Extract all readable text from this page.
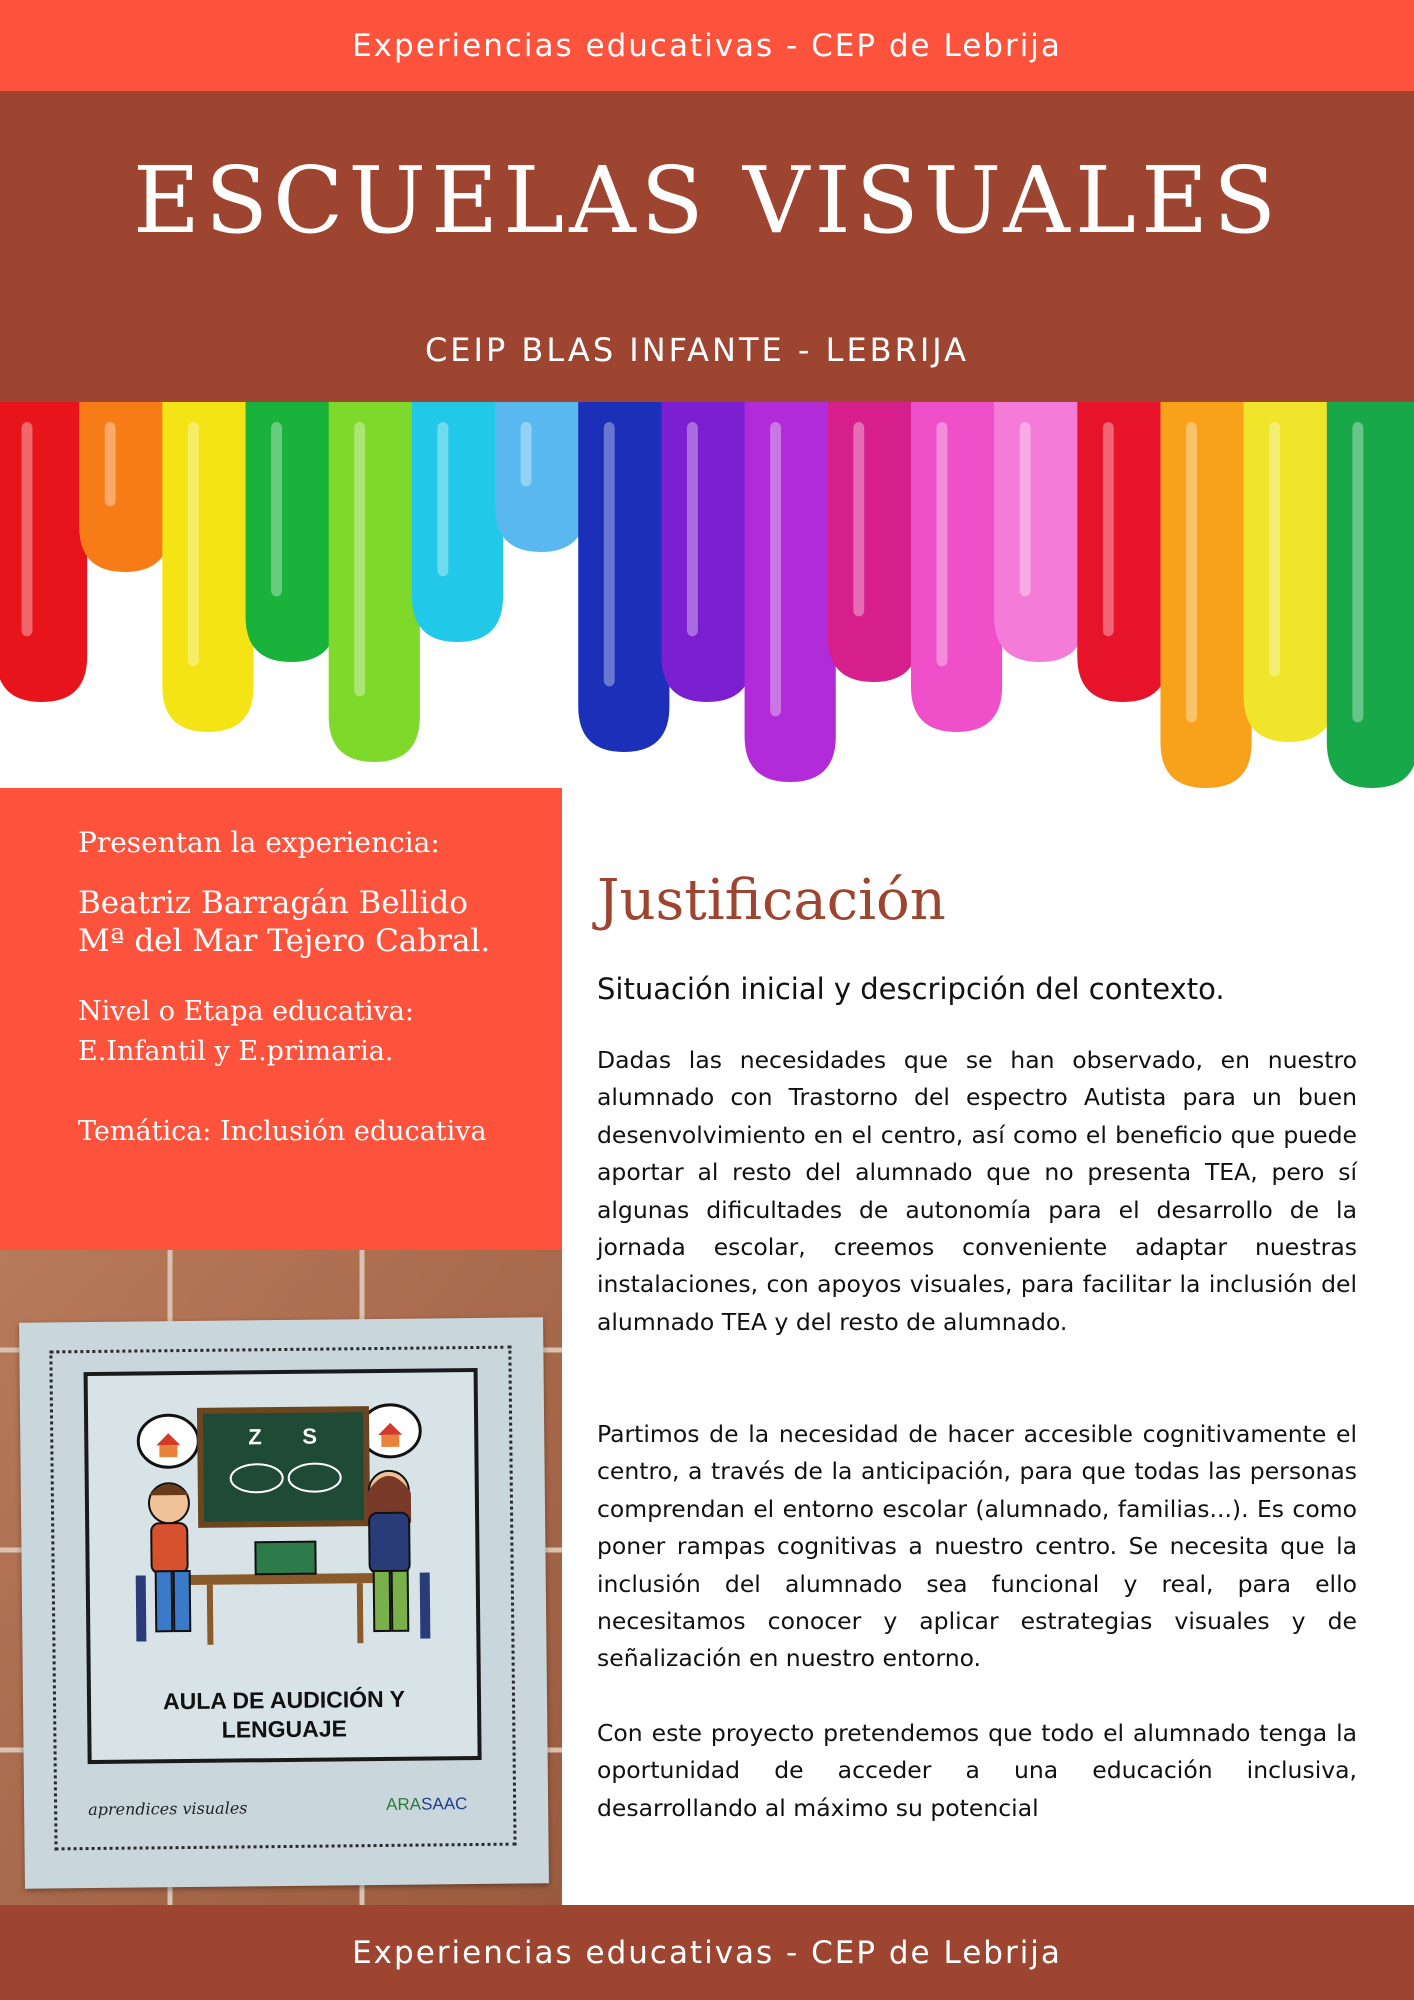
Experiencias educativas - CEP de Lebrija
ESCUELAS VISUALES
CEIP BLAS INFANTE - LEBRIJA
Presentan la experiencia:
Beatriz Barragán Bellido
Mª del Mar Tejero Cabral.
Nivel o Etapa educativa:
E.Infantil y E.primaria.
Temática: Inclusión educativa
Z S
AULA DE AUDICIÓN Y
LENGUAJE
aprendices visuales	ARASAAC
Justificación
Situación inicial y descripción del contexto.

Dadas las necesidades que se han observado, en nuestro alumnado con Trastorno del espectro Autista para un buen desenvolvimiento en el centro, así como el beneficio que puede aportar al resto del alumnado que no presenta TEA, pero sí algunas dificultades de autonomía para el desarrollo de la jornada escolar, creemos conveniente adaptar nuestras instalaciones, con apoyos visuales, para facilitar la inclusión del alumnado TEA y del resto de alumnado.

Partimos de la necesidad de hacer accesible cognitivamente el centro, a través de la anticipación, para que todas las personas comprendan el entorno escolar (alumnado, familias...). Es como poner rampas cognitivas a nuestro centro. Se necesita que la inclusión del alumnado sea funcional y real, para ello necesitamos conocer y aplicar estrategias visuales y de señalización en nuestro entorno.

Con este proyecto pretendemos que todo el alumnado tenga la oportunidad de acceder a una educación inclusiva, desarrollando al máximo su potencial

Experiencias educativas - CEP de Lebrija
